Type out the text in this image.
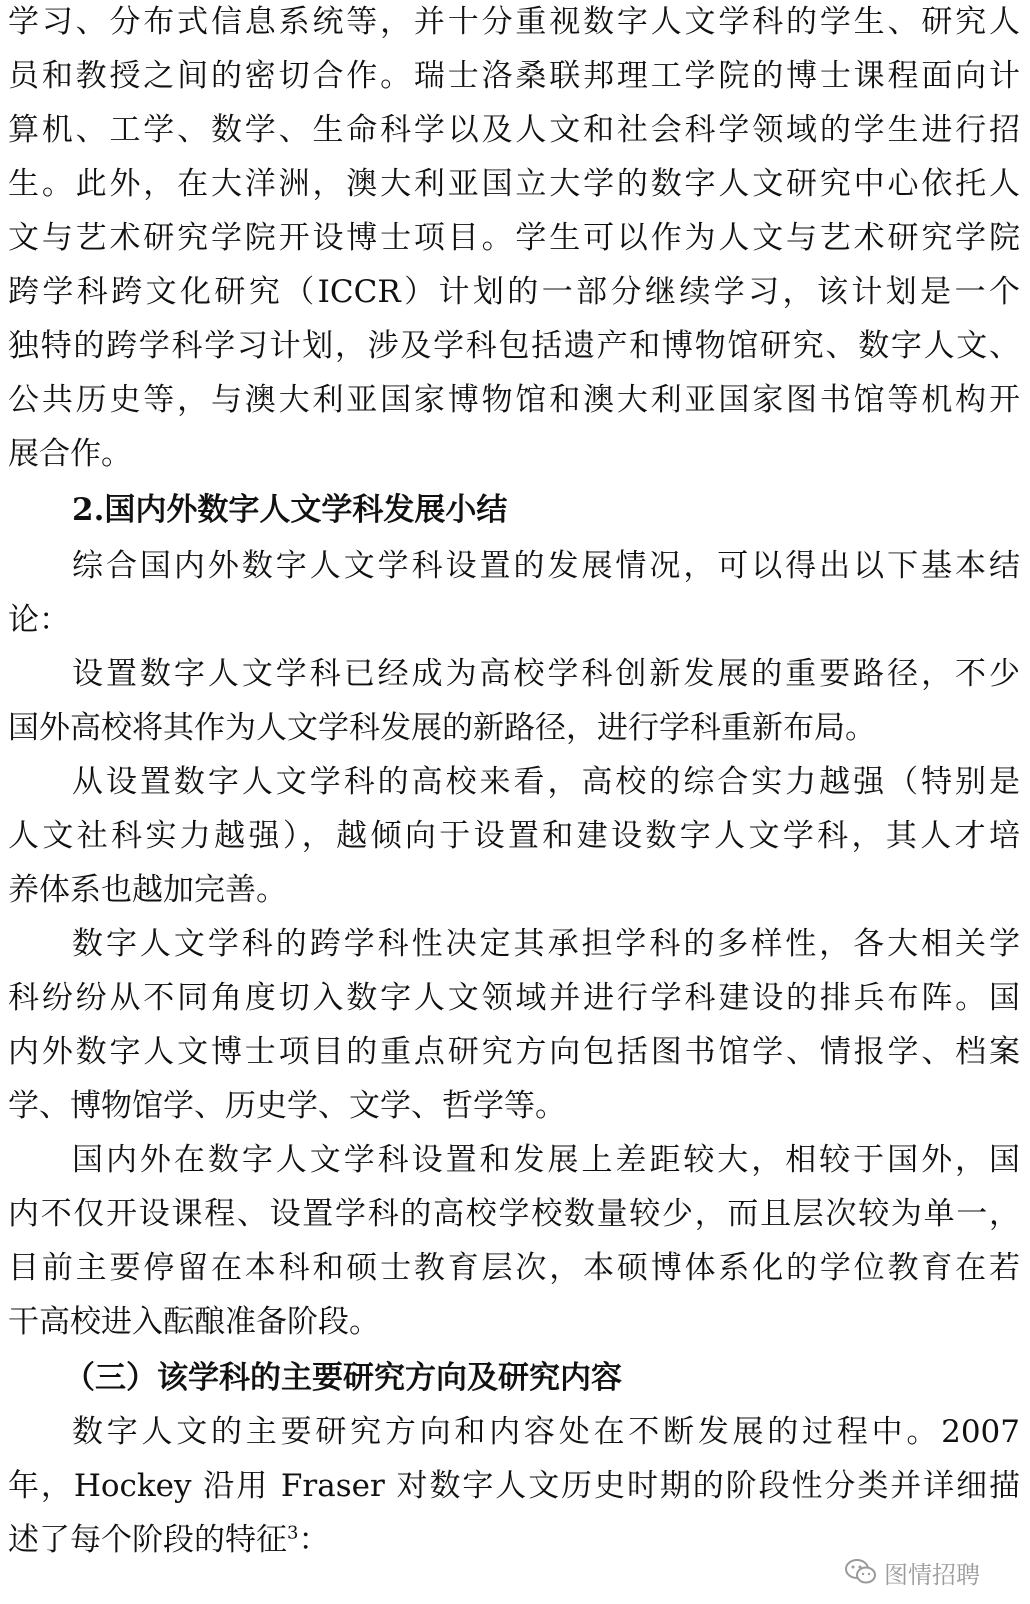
学习、分布式信息系统等，并十分重视数字人文学科的学生、研究人
员和教授之间的密切合作。瑞士洛桑联邦理工学院的博士课程面向计
算机、工学、数学、生命科学以及人文和社会科学领域的学生进行招
生。此外，在大洋洲，澳大利亚国立大学的数字人文研究中心依托人
文与艺术研究学院开设博士项目。学生可以作为人文与艺术研究学院
跨学科跨文化研究（ICCR）计划的一部分继续学习，该计划是一个
独特的跨学科学习计划，涉及学科包括遗产和博物馆研究、数字人文、
公共历史等，与澳大利亚国家博物馆和澳大利亚国家图书馆等机构开
展合作。
2.国内外数字人文学科发展小结
综合国内外数字人文学科设置的发展情况，可以得出以下基本结
论：
设置数字人文学科已经成为高校学科创新发展的重要路径，不少
国外高校将其作为人文学科发展的新路径，进行学科重新布局。
从设置数字人文学科的高校来看，高校的综合实力越强（特别是
人文社科实力越强），越倾向于设置和建设数字人文学科，其人才培
养体系也越加完善。
数字人文学科的跨学科性决定其承担学科的多样性，各大相关学
科纷纷从不同角度切入数字人文领域并进行学科建设的排兵布阵。国
内外数字人文博士项目的重点研究方向包括图书馆学、情报学、档案
学、博物馆学、历史学、文学、哲学等。
国内外在数字人文学科设置和发展上差距较大，相较于国外，国
内不仅开设课程、设置学科的高校学校数量较少，而且层次较为单一，
目前主要停留在本科和硕士教育层次，本硕博体系化的学位教育在若
干高校进入酝酿准备阶段。
（三）该学科的主要研究方向及研究内容
数字人文的主要研究方向和内容处在不断发展的过程中。2007
年，Hockey 沿用 Fraser 对数字人文历史时期的阶段性分类并详细描
述了每个阶段的特征$^3$：
图情招聘
